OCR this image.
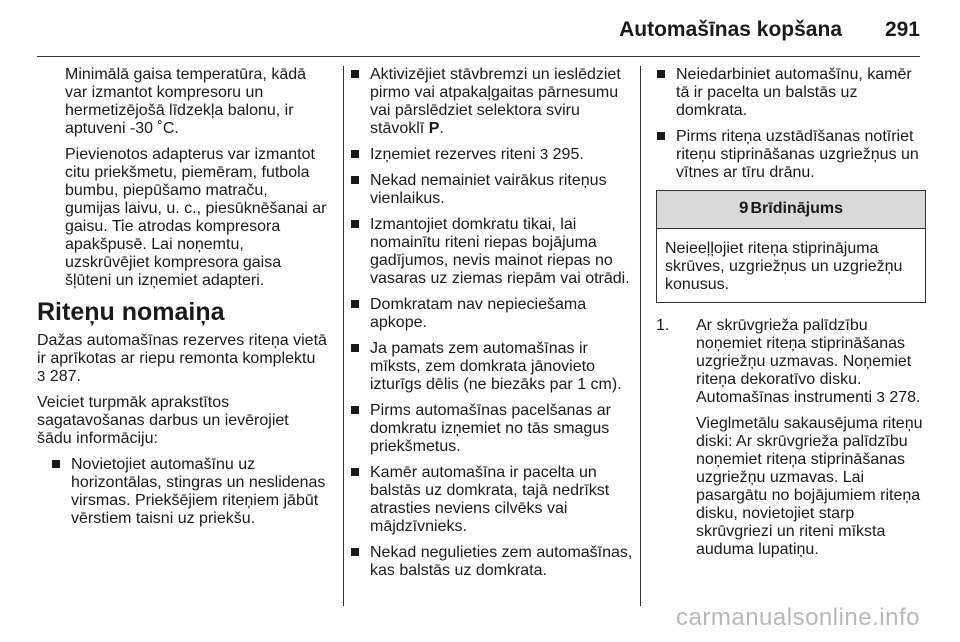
Automašīnas kopšana 291

Minimālā gaisa temperatūra, kādā var izmantot kompresoru un hermetizējošā līdzekļa balonu, ir aptuveni -30 ˚C.

Pievienotos adapterus var izmantot citu priekšmetu, piemēram, futbola bumbu, piepūšamo matraču, gumijas laivu, u. c., piesūknēšanai ar gaisu. Tie atrodas kompresora apakšpusē. Lai noņemtu, uzskrūvējiet kompresora gaisa šļūteni un izņemiet adapteri.

Riteņu nomaiņa

Dažas automašīnas rezerves riteņa vietā ir aprīkotas ar riepu remonta komplektu 3 287.

Veiciet turpmāk aprakstītos sagatavošanas darbus un ievērojiet šādu informāciju:

Novietojiet automašīnu uz horizontālas, stingras un neslidenas virsmas. Priekšējiem riteņiem jābūt vērstiem taisni uz priekšu.
Aktivizējiet stāvbremzi un ieslēdziet pirmo vai atpakaļgaitas pārnesumu vai pārslēdziet selektora sviru stāvoklī P.
Izņemiet rezerves riteni 3 295.
Nekad nemainiet vairākus riteņus vienlaikus.
Izmantojiet domkratu tikai, lai nomainītu riteni riepas bojājuma gadījumos, nevis mainot riepas no vasaras uz ziemas riepām vai otrādi.
Domkratam nav nepieciešama apkope.
Ja pamats zem automašīnas ir mīksts, zem domkrata jānovieto izturīgs dēlis (ne biezāks par 1 cm).
Pirms automašīnas pacelšanas ar domkratu izņemiet no tās smagus priekšmetus.
Kamēr automašīna ir pacelta un balstās uz domkrata, tajā nedrīkst atrasties neviens cilvēks vai mājdzīvnieks.
Nekad negulieties zem automašīnas, kas balstās uz domkrata.
Neiedarbiniet automašīnu, kamēr tā ir pacelta un balstās uz domkrata.
Pirms riteņa uzstādīšanas notīriet riteņu stiprināšanas uzgriežņus un vītnes ar tīru drānu.
9 Brīdinājums
Neieeļļojiet riteņa stiprinājuma skrūves, uzgriežņus un uzgriežņu konusus.
1. Ar skrūvgrieža palīdzību noņemiet riteņa stiprināšanas uzgriežņu uzmavas. Noņemiet riteņa dekoratīvo disku. Automašīnas instrumenti 3 278.

Vieglmetālu sakausējuma riteņu diski: Ar skrūvgrieža palīdzību noņemiet riteņa stiprināšanas uzgriežņu uzmavas. Lai pasargātu no bojājumiem riteņa disku, novietojiet starp skrūvgriezi un riteni mīksta auduma lupatiņu.

carmanualsonline.info
